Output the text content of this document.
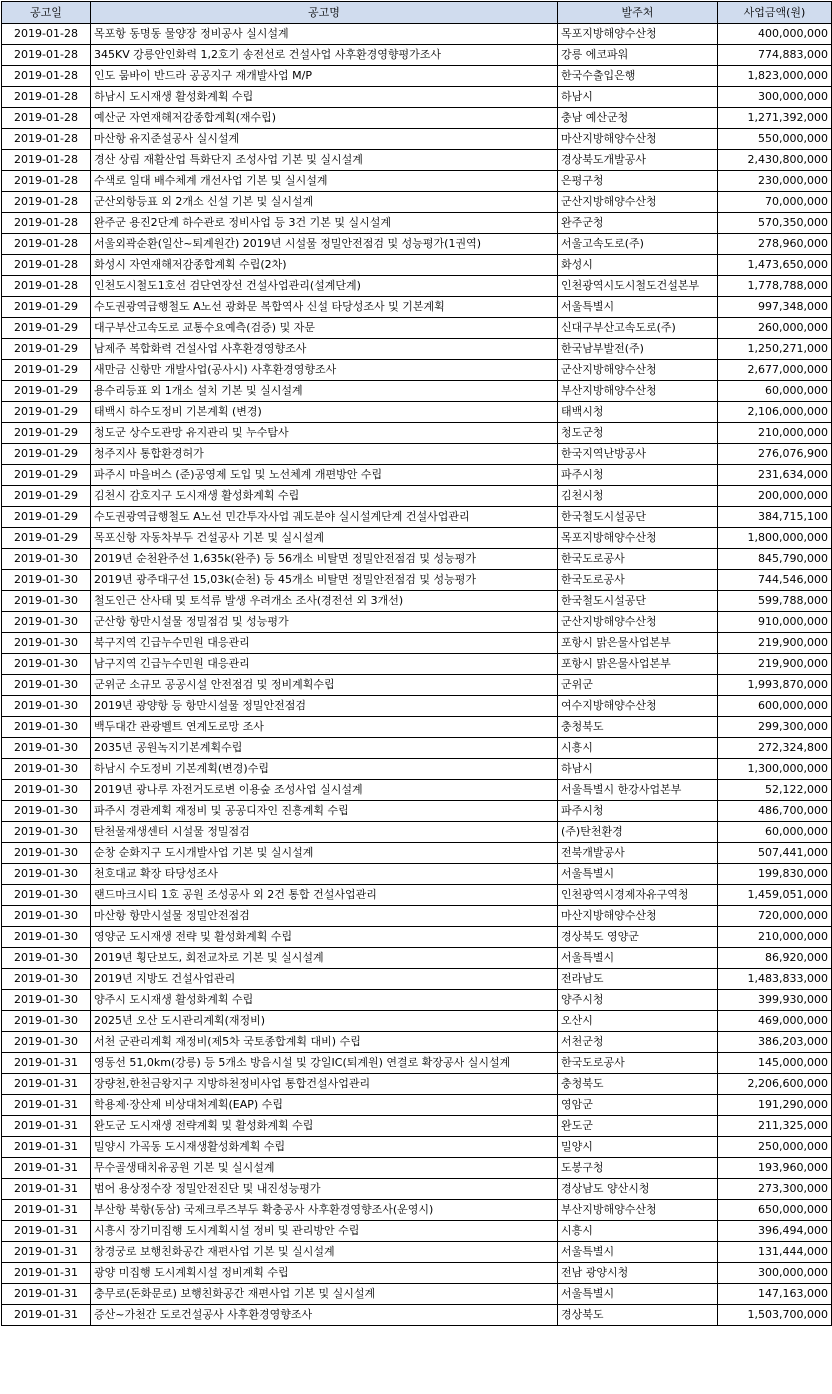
공고일	공고명	발주처	사업금액(원)
2019-01-28	목포항 동명동 물양장 정비공사 실시설계	목포지방해양수산청	400,000,000
2019-01-28	345KV 강릉안인화력 1,2호기 송전선로 건설사업 사후환경영향평가조사	강릉 에코파워	774,883,000
2019-01-28	인도 뭄바이 반드라 공공지구 재개발사업 M/P	한국수출입은행	1,823,000,000
2019-01-28	하남시 도시재생 활성화계획 수립	하남시	300,000,000
2019-01-28	예산군 자연재해저감종합계획(재수립)	충남 예산군청	1,271,392,000
2019-01-28	마산항 유지준설공사 실시설계	마산지방해양수산청	550,000,000
2019-01-28	경산 상림 재활산업 특화단지 조성사업 기본 및 실시설계	경상북도개발공사	2,430,800,000
2019-01-28	수색로 일대 배수체계 개선사업 기본 및 실시설계	은평구청	230,000,000
2019-01-28	군산외항등표 외 2개소 신설 기본 및 실시설계	군산지방해양수산청	70,000,000
2019-01-28	완주군 용진2단계 하수관로 정비사업 등 3건 기본 및 실시설계	완주군청	570,350,000
2019-01-28	서울외곽순환(일산~퇴계원간) 2019년 시설물 정밀안전점검 및 성능평가(1권역)	서울고속도로(주)	278,960,000
2019-01-28	화성시 자연재해저감종합계획 수립(2차)	화성시	1,473,650,000
2019-01-28	인천도시철도1호선 검단연장선 건설사업관리(설계단계)	인천광역시도시철도건설본부	1,778,788,000
2019-01-29	수도권광역급행철도 A노선 광화문 복합역사 신설 타당성조사 및 기본계획	서울특별시	997,348,000
2019-01-29	대구부산고속도로 교통수요예측(검증) 및 자문	신대구부산고속도로(주)	260,000,000
2019-01-29	남제주 복합화력 건설사업 사후환경영향조사	한국남부발전(주)	1,250,271,000
2019-01-29	새만금 신항만 개발사업(공사시) 사후환경영향조사	군산지방해양수산청	2,677,000,000
2019-01-29	용수리등표 외 1개소 설치 기본 및 실시설계	부산지방해양수산청	60,000,000
2019-01-29	태백시 하수도정비 기본계획 (변경)	태백시청	2,106,000,000
2019-01-29	청도군 상수도관망 유지관리 및 누수탐사	청도군청	210,000,000
2019-01-29	청주지사 통합환경허가	한국지역난방공사	276,076,900
2019-01-29	파주시 마을버스 (준)공영제 도입 및 노선체계 개편방안 수립	파주시청	231,634,000
2019-01-29	김천시 감호지구 도시재생 활성화계획 수립	김천시청	200,000,000
2019-01-29	수도권광역급행철도 A노선 민간투자사업 궤도분야 실시설계단계 건설사업관리	한국철도시설공단	384,715,100
2019-01-29	목포신항 자동차부두 건설공사 기본 및 실시설계	목포지방해양수산청	1,800,000,000
2019-01-30	2019년 순천완주선 1,635k(완주) 등 56개소 비탈면 정밀안전점검 및 성능평가	한국도로공사	845,790,000
2019-01-30	2019년 광주대구선 15,03k(순천) 등 45개소 비탈면 정밀안전점검 및 성능평가	한국도로공사	744,546,000
2019-01-30	철도인근 산사태 및 토석류 발생 우려개소 조사(경전선 외 3개선)	한국철도시설공단	599,788,000
2019-01-30	군산항 항만시설물 정밀점검 및 성능평가	군산지방해양수산청	910,000,000
2019-01-30	북구지역 긴급누수민원 대응관리	포항시 맑은물사업본부	219,900,000
2019-01-30	남구지역 긴급누수민원 대응관리	포항시 맑은물사업본부	219,900,000
2019-01-30	군위군 소규모 공공시설 안전점검 및 정비계획수립	군위군	1,993,870,000
2019-01-30	2019년 광양항 등 항만시설물 정밀안전점검	여수지방해양수산청	600,000,000
2019-01-30	백두대간 관광벨트 연계도로망 조사	충청북도	299,300,000
2019-01-30	2035년 공원녹지기본계획수립	시흥시	272,324,800
2019-01-30	하남시 수도정비 기본계획(변경)수립	하남시	1,300,000,000
2019-01-30	2019년 광나루 자전거도로변 이용숲 조성사업 실시설계	서울특별시 한강사업본부	52,122,000
2019-01-30	파주시 경관계획 재정비 및 공공디자인 진흥계획 수립	파주시청	486,700,000
2019-01-30	탄천물재생센터 시설물 정밀점검	(주)탄천환경	60,000,000
2019-01-30	순창 순화지구 도시개발사업 기본 및 실시설계	전북개발공사	507,441,000
2019-01-30	천호대교 확장 타당성조사	서울특별시	199,830,000
2019-01-30	랜드마크시티 1호 공원 조성공사 외 2건 통합 건설사업관리	인천광역시경제자유구역청	1,459,051,000
2019-01-30	마산항 항만시설물 정밀안전점검	마산지방해양수산청	720,000,000
2019-01-30	영양군 도시재생 전략 및 활성화계획 수립	경상북도 영양군	210,000,000
2019-01-30	2019년 횡단보도, 회전교차로 기본 및 실시설계	서울특별시	86,920,000
2019-01-30	2019년 지방도 건설사업관리	전라남도	1,483,833,000
2019-01-30	양주시 도시재생 활성화계획 수립	양주시청	399,930,000
2019-01-30	2025년 오산 도시관리계획(재정비)	오산시	469,000,000
2019-01-30	서천 군관리계획 재정비(제5차 국토종합계획 대비) 수립	서천군청	386,203,000
2019-01-31	영동선 51,0km(강릉) 등 5개소 방음시설 및 강일IC(퇴계원) 연결로 확장공사 실시설계	한국도로공사	145,000,000
2019-01-31	장량천,한천금왕지구 지방하천정비사업 통합건설사업관리	충청북도	2,206,600,000
2019-01-31	학용제·장산제 비상대처계획(EAP) 수립	영암군	191,290,000
2019-01-31	완도군 도시재생 전략계획 및 활성화계획 수립	완도군	211,325,000
2019-01-31	밀양시 가곡동 도시재생활성화계획 수립	밀양시	250,000,000
2019-01-31	무수골생태치유공원 기본 및 실시설계	도봉구청	193,960,000
2019-01-31	범어 용상정수장 정밀안전진단 및 내진성능평가	경상남도 양산시청	273,300,000
2019-01-31	부산항 북항(동삼) 국제크루즈부두 확충공사 사후환경영향조사(운영시)	부산지방해양수산청	650,000,000
2019-01-31	시흥시 장기미집행 도시계획시설 정비 및 관리방안 수립	시흥시	396,494,000
2019-01-31	창경궁로 보행친화공간 재편사업 기본 및 실시설계	서울특별시	131,444,000
2019-01-31	광양 미집행 도시계획시설 정비계획 수립	전남 광양시청	300,000,000
2019-01-31	충무로(돈화문로) 보행친화공간 재편사업 기본 및 실시설계	서울특별시	147,163,000
2019-01-31	증산~가천간 도로건설공사 사후환경영향조사	경상북도	1,503,700,000
